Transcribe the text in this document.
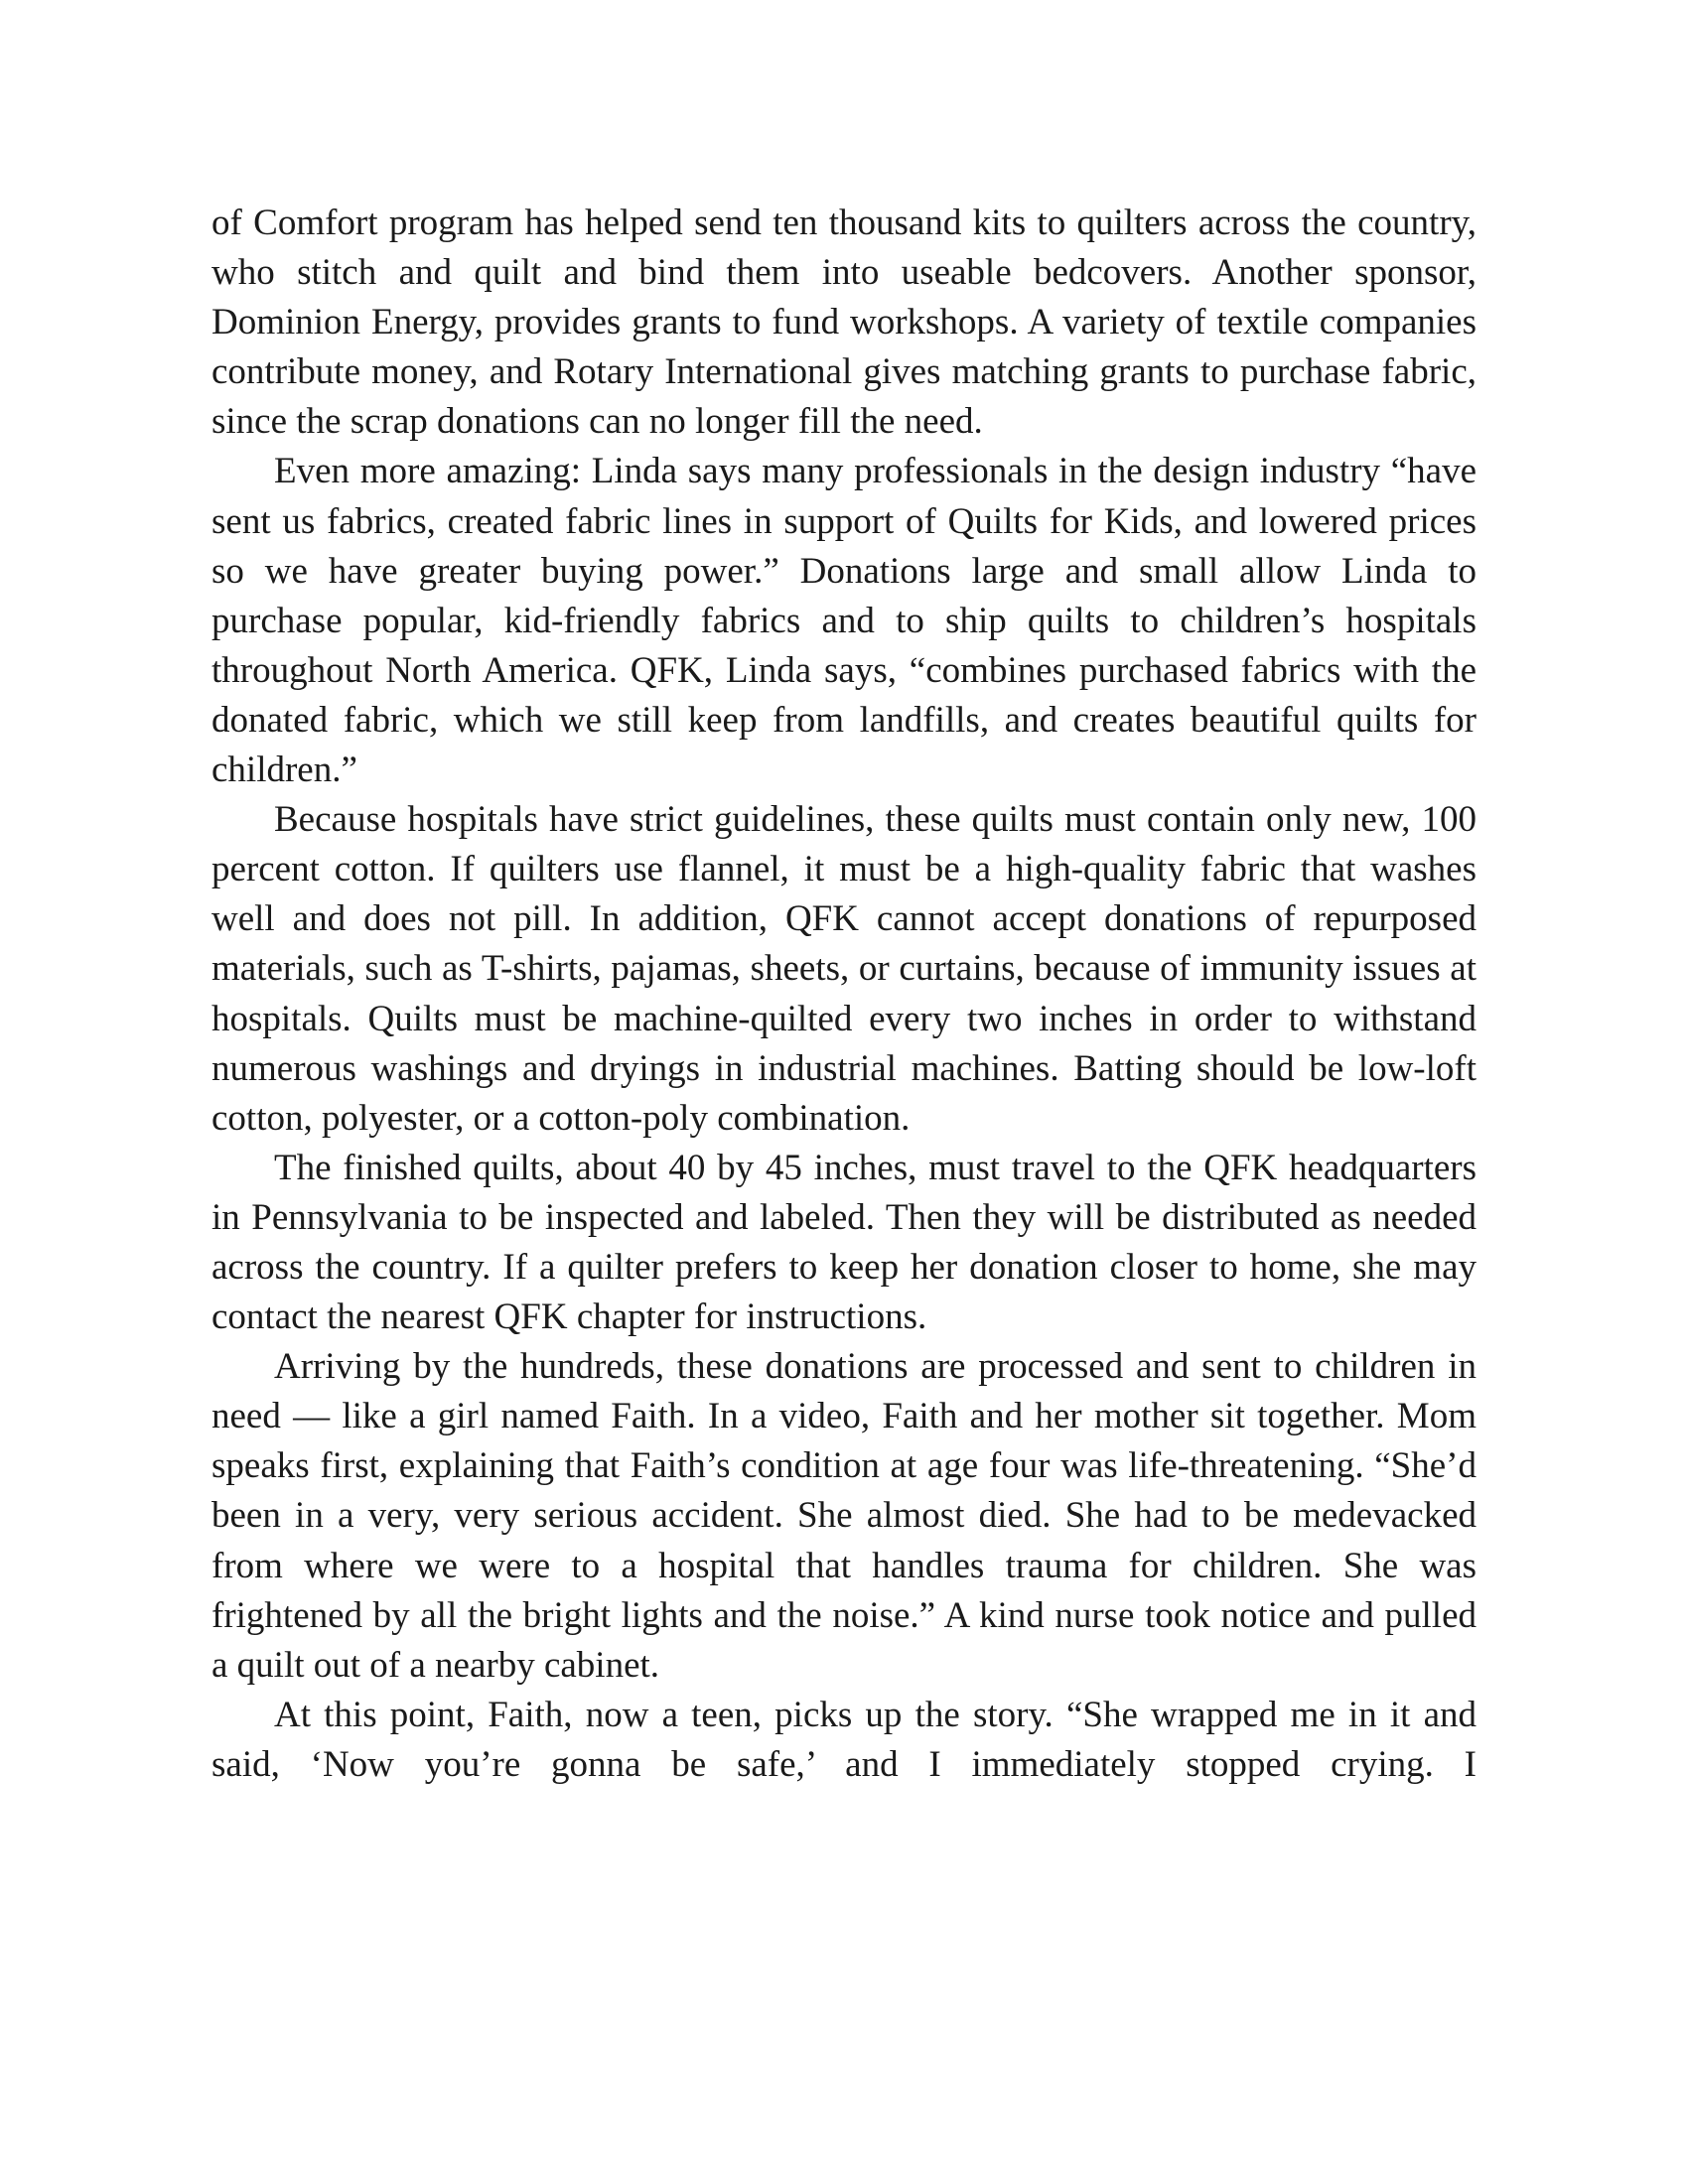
of Comfort program has helped send ten thousand kits to quilters across the country, who stitch and quilt and bind them into useable bedcovers. Another sponsor, Dominion Energy, provides grants to fund workshops. A variety of textile companies contribute money, and Rotary International gives matching grants to purchase fabric, since the scrap donations can no longer fill the need.

Even more amazing: Linda says many professionals in the design industry “have sent us fabrics, created fabric lines in support of Quilts for Kids, and lowered prices so we have greater buying power.” Donations large and small allow Linda to purchase popular, kid-friendly fabrics and to ship quilts to children’s hospitals throughout North America. QFK, Linda says, “combines purchased fabrics with the donated fabric, which we still keep from landfills, and creates beautiful quilts for children.”

Because hospitals have strict guidelines, these quilts must contain only new, 100 percent cotton. If quilters use flannel, it must be a high-quality fabric that washes well and does not pill. In addition, QFK cannot accept donations of repurposed materials, such as T-shirts, pajamas, sheets, or curtains, because of immunity issues at hospitals. Quilts must be machine-quilted every two inches in order to withstand numerous washings and dryings in industrial machines. Batting should be low-loft cotton, polyester, or a cotton-poly combination.

The finished quilts, about 40 by 45 inches, must travel to the QFK headquarters in Pennsylvania to be inspected and labeled. Then they will be distributed as needed across the country. If a quilter prefers to keep her donation closer to home, she may contact the nearest QFK chapter for instructions.

Arriving by the hundreds, these donations are processed and sent to children in need — like a girl named Faith. In a video, Faith and her mother sit together. Mom speaks first, explaining that Faith’s condition at age four was life-threatening. “She’d been in a very, very serious accident. She almost died. She had to be medevacked from where we were to a hospital that handles trauma for children. She was frightened by all the bright lights and the noise.” A kind nurse took notice and pulled a quilt out of a nearby cabinet.

At this point, Faith, now a teen, picks up the story. “She wrapped me in it and said, ‘Now you’re gonna be safe,’ and I immediately stopped crying. I
